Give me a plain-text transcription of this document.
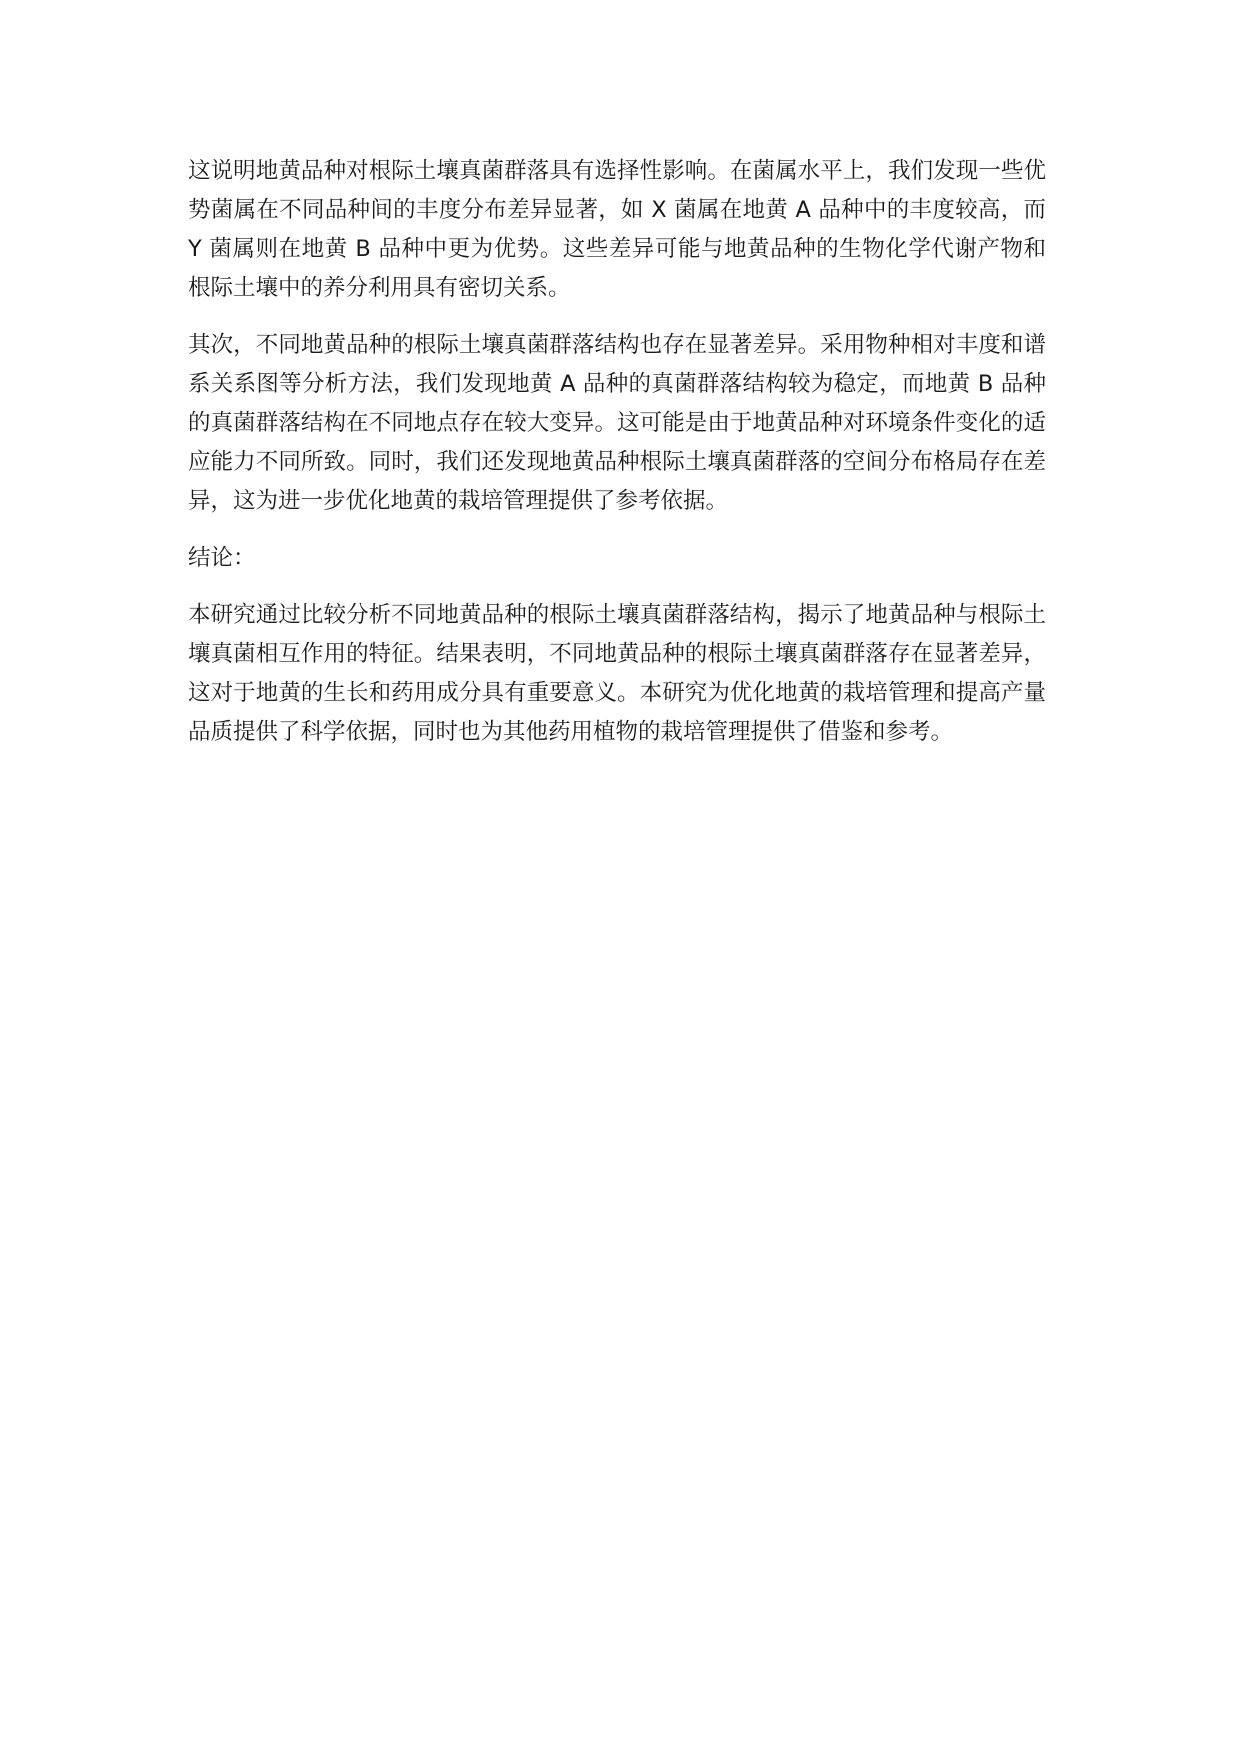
这说明地黄品种对根际土壤真菌群落具有选择性影响。在菌属水平上，我们发现一些优势菌属在不同品种间的丰度分布差异显著，如 X 菌属在地黄 A 品种中的丰度较高，而 Y 菌属则在地黄 B 品种中更为优势。这些差异可能与地黄品种的生物化学代谢产物和根际土壤中的养分利用具有密切关系。

其次，不同地黄品种的根际土壤真菌群落结构也存在显著差异。采用物种相对丰度和谱系关系图等分析方法，我们发现地黄 A 品种的真菌群落结构较为稳定，而地黄 B 品种的真菌群落结构在不同地点存在较大变异。这可能是由于地黄品种对环境条件变化的适应能力不同所致。同时，我们还发现地黄品种根际土壤真菌群落的空间分布格局存在差异，这为进一步优化地黄的栽培管理提供了参考依据。

结论：

本研究通过比较分析不同地黄品种的根际土壤真菌群落结构，揭示了地黄品种与根际土壤真菌相互作用的特征。结果表明，不同地黄品种的根际土壤真菌群落存在显著差异，这对于地黄的生长和药用成分具有重要意义。本研究为优化地黄的栽培管理和提高产量品质提供了科学依据，同时也为其他药用植物的栽培管理提供了借鉴和参考。
